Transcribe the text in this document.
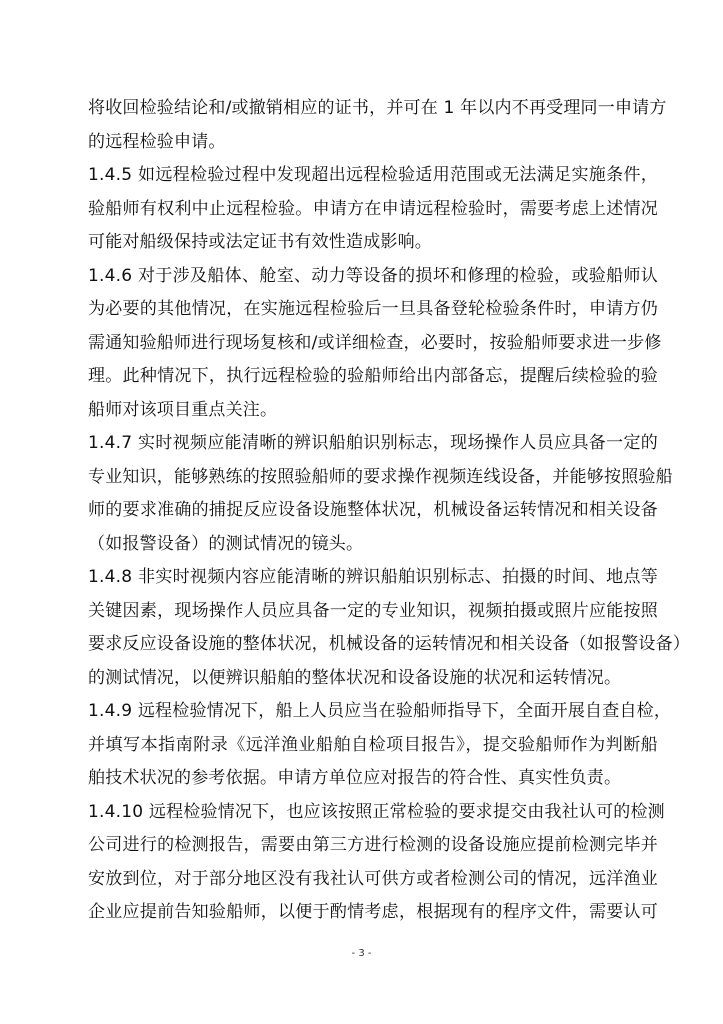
将收回检验结论和/或撤销相应的证书，并可在 1 年以内不再受理同一申请方
的远程检验申请。
1.4.5 如远程检验过程中发现超出远程检验适用范围或无法满足实施条件，
验船师有权利中止远程检验。申请方在申请远程检验时，需要考虑上述情况
可能对船级保持或法定证书有效性造成影响。
1.4.6 对于涉及船体、舱室、动力等设备的损坏和修理的检验，或验船师认
为必要的其他情况，在实施远程检验后一旦具备登轮检验条件时，申请方仍
需通知验船师进行现场复核和/或详细检查，必要时，按验船师要求进一步修
理。此种情况下，执行远程检验的验船师给出内部备忘，提醒后续检验的验
船师对该项目重点关注。
1.4.7 实时视频应能清晰的辨识船舶识别标志，现场操作人员应具备一定的
专业知识，能够熟练的按照验船师的要求操作视频连线设备，并能够按照验船
师的要求准确的捕捉反应设备设施整体状况，机械设备运转情况和相关设备
（如报警设备）的测试情况的镜头。
1.4.8 非实时视频内容应能清晰的辨识船舶识别标志、拍摄的时间、地点等
关键因素，现场操作人员应具备一定的专业知识，视频拍摄或照片应能按照
要求反应设备设施的整体状况，机械设备的运转情况和相关设备（如报警设备）
的测试情况，以便辨识船舶的整体状况和设备设施的状况和运转情况。
1.4.9 远程检验情况下，船上人员应当在验船师指导下，全面开展自查自检，
并填写本指南附录《远洋渔业船舶自检项目报告》，提交验船师作为判断船
舶技术状况的参考依据。申请方单位应对报告的符合性、真实性负责。
1.4.10 远程检验情况下，也应该按照正常检验的要求提交由我社认可的检测
公司进行的检测报告，需要由第三方进行检测的设备设施应提前检测完毕并
安放到位，对于部分地区没有我社认可供方或者检测公司的情况，远洋渔业
企业应提前告知验船师，以便于酌情考虑，根据现有的程序文件，需要认可
- 3 -
